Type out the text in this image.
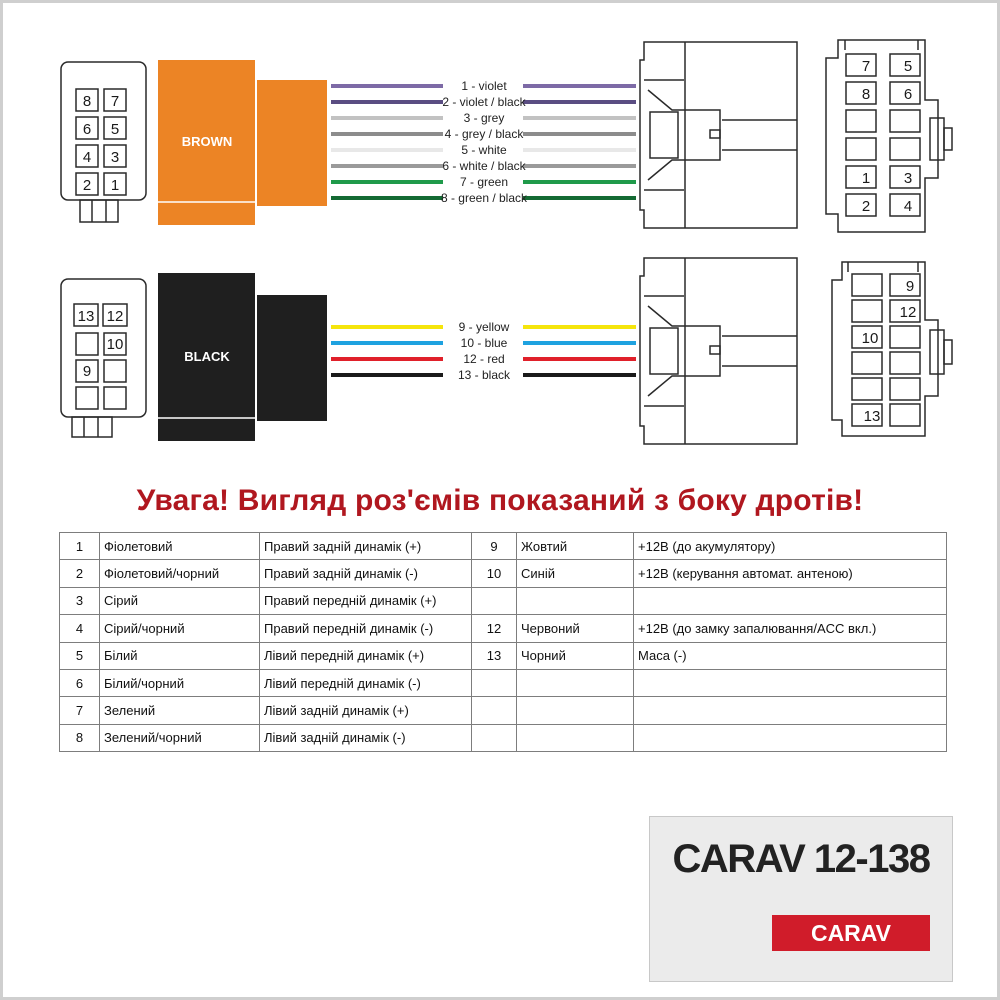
BROWN
BLACK
8 7
6 5
4 3
2 1
13 12
10
9
7 5
8 6
1 3
2 4
9
12
10
13
1 - violet
2 - violet / black
3 - grey
4 - grey / black
5 - white
6 - white / black
7 - green
8 - green / black
9 - yellow
10 - blue
12 - red
13 - black
Увага! Вигляд роз'ємів показаний з боку дротів!
1	Фіолетовий	Правий задній динамік (+)	9	Жовтий	+12В (до акумулятору)
2	Фіолетовий/чорний	Правий задній динамік (-)	10	Синій	+12В (керування автомат. антеною)
3	Сірий	Правий передній динамік (+)			
4	Сірий/чорний	Правий передній динамік (-)	12	Червоний	+12В (до замку запалювання/ACC вкл.)
5	Білий	Лівий передній динамік (+)	13	Чорний	Маса (-)
6	Білий/чорний	Лівий передній динамік (-)			
7	Зелений	Лівий задній динамік (+)			
8	Зелений/чорний	Лівий задній динамік (-)			
CARAV 12-138
CARAV
